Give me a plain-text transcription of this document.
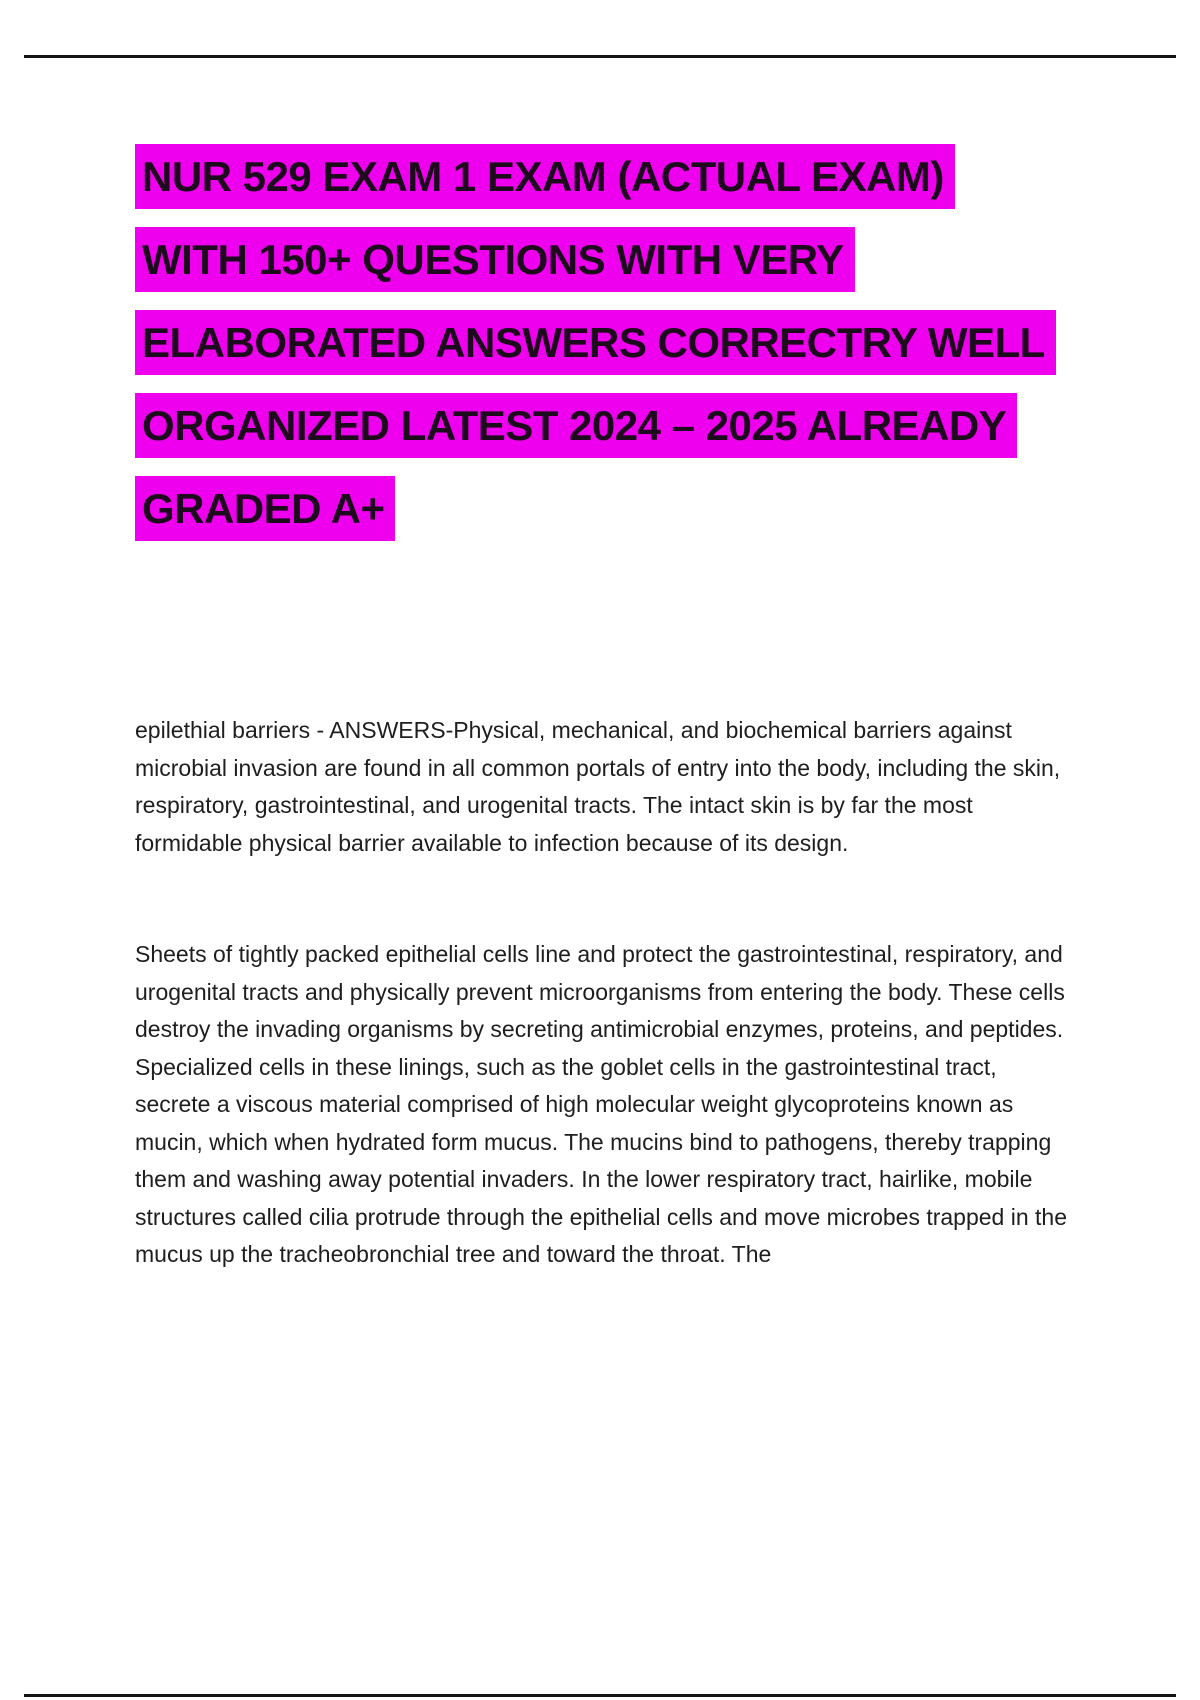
NUR 529 EXAM 1 EXAM (ACTUAL EXAM)
WITH 150+ QUESTIONS WITH VERY
ELABORATED ANSWERS CORRECTRY WELL
ORGANIZED LATEST 2024 – 2025 ALREADY
GRADED A+

epilethial barriers - ANSWERS-Physical, mechanical, and biochemical barriers against microbial invasion are found in all common portals of entry into the body, including the skin, respiratory, gastrointestinal, and urogenital tracts. The intact skin is by far the most formidable physical barrier available to infection because of its design.

Sheets of tightly packed epithelial cells line and protect the gastrointestinal, respiratory, and urogenital tracts and physically prevent microorganisms from entering the body. These cells destroy the invading organisms by secreting antimicrobial enzymes, proteins, and peptides. Specialized cells in these linings, such as the goblet cells in the gastrointestinal tract, secrete a viscous material comprised of high molecular weight glycoproteins known as mucin, which when hydrated form mucus. The mucins bind to pathogens, thereby trapping them and washing away potential invaders. In the lower respiratory tract, hairlike, mobile structures called cilia protrude through the epithelial cells and move microbes trapped in the mucus up the tracheobronchial tree and toward the throat. The
